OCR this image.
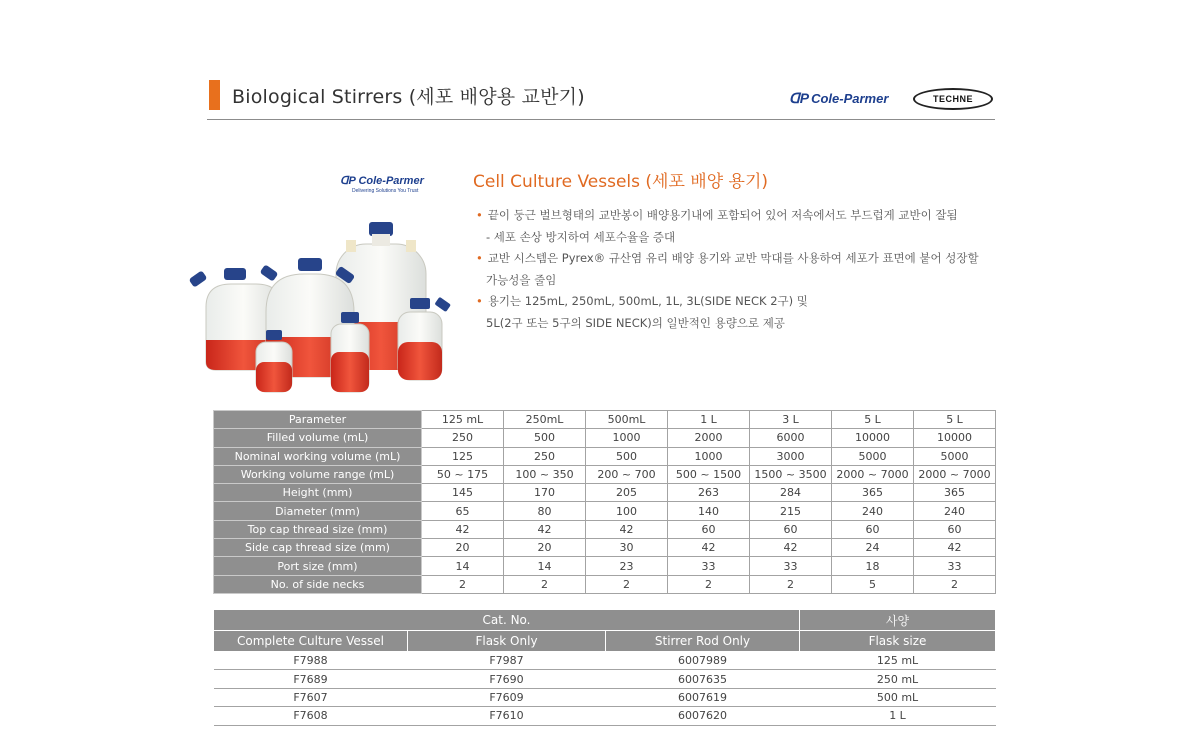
Biological Stirrers (세포 배양용 교반기)	ᗡP Cole-Parmer	TECHNE
ᗡP Cole-Parmer
Delivering Solutions You Trust	Cell Culture Vessels (세포 배양 용기)
• 끝이 둥근 벌브형태의 교반봉이 배양용기내에 포함되어 있어 저속에서도 부드럽게 교반이 잘됨
- 세포 손상 방지하여 세포수율을 증대
• 교반 시스템은 Pyrex® 규산염 유리 배양 용기와 교반 막대를 사용하여 세포가 표면에 붙어 성장할
가능성을 줄임
• 용기는 125mL, 250mL, 500mL, 1L, 3L(SIDE NECK 2구) 및
5L(2구 또는 5구의 SIDE NECK)의 일반적인 용량으로 제공
Parameter	125 mL	250mL	500mL	1 L	3 L	5 L	5 L
Filled volume (mL)	250	500	1000	2000	6000	10000	10000
Nominal working volume (mL)	125	250	500	1000	3000	5000	5000
Working volume range (mL)	50 ~ 175	100 ~ 350	200 ~ 700	500 ~ 1500	1500 ~ 3500	2000 ~ 7000	2000 ~ 7000
Height (mm)	145	170	205	263	284	365	365
Diameter (mm)	65	80	100	140	215	240	240
Top cap thread size (mm)	42	42	42	60	60	60	60
Side cap thread size (mm)	20	20	30	42	42	24	42
Port size (mm)	14	14	23	33	33	18	33
No. of side necks	2	2	2	2	2	5	2
Cat. No.			사양
Complete Culture Vessel	Flask Only	Stirrer Rod Only	Flask size
F7988	F7987	6007989	125 mL
F7689	F7690	6007635	250 mL
F7607	F7609	6007619	500 mL
F7608	F7610	6007620	1 L
